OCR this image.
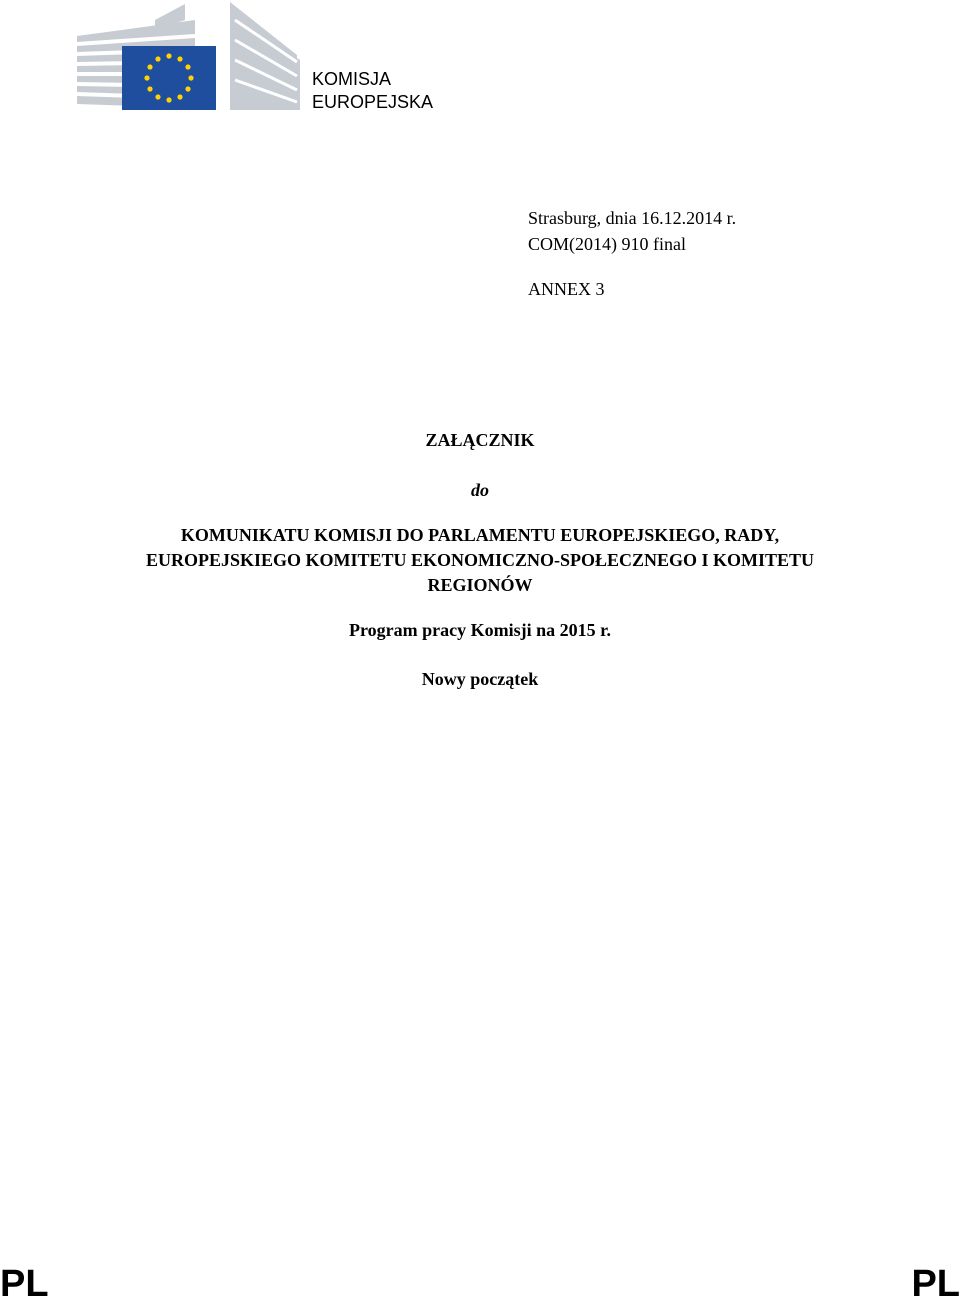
KOMISJA
EUROPEJSKA
Strasburg, dnia 16.12.2014 r.
COM(2014) 910 final
ANNEX 3
ZAŁĄCZNIK
do
KOMUNIKATU KOMISJI DO PARLAMENTU EUROPEJSKIEGO, RADY,
EUROPEJSKIEGO KOMITETU EKONOMICZNO-SPOŁECZNEGO I KOMITETU
REGIONÓW
Program pracy Komisji na 2015 r.
Nowy początek
PL	PL
